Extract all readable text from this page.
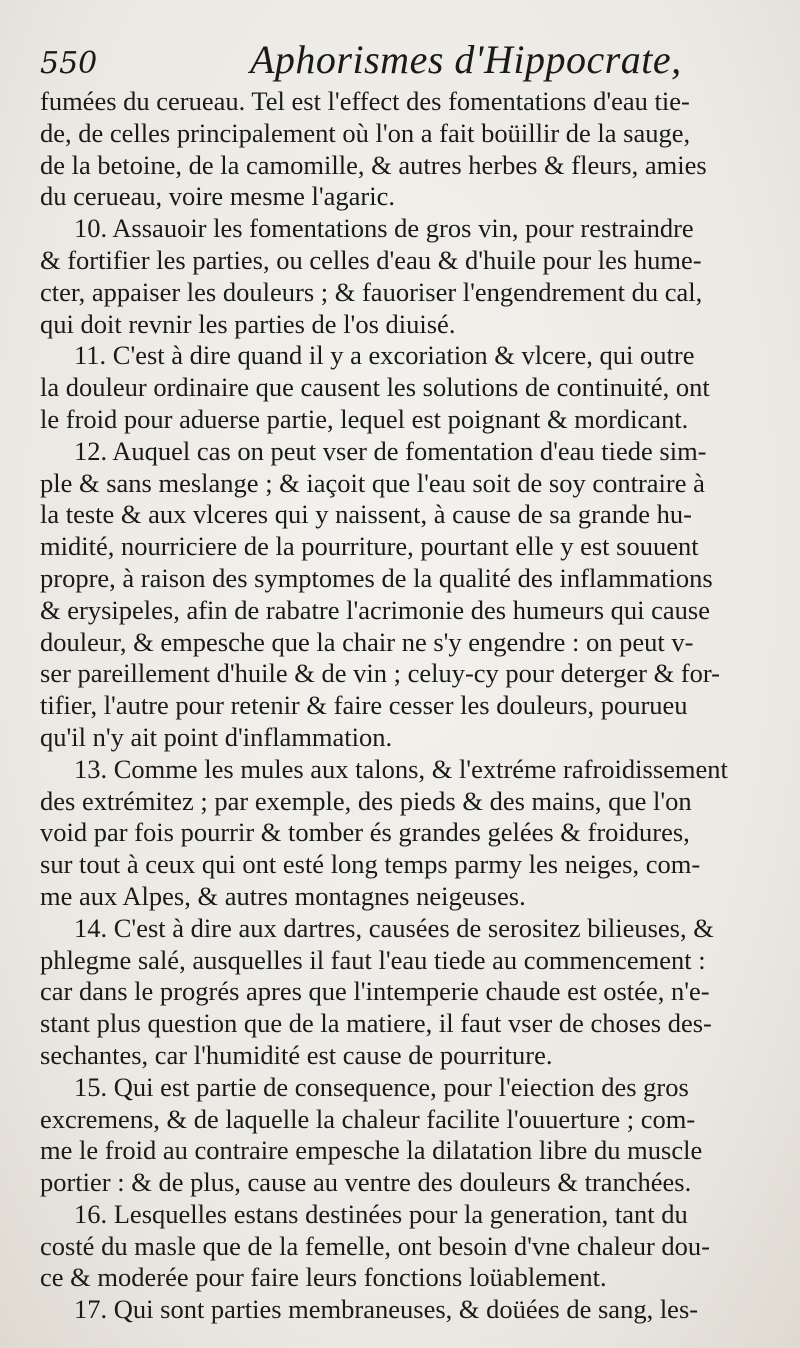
550	Aphorismes d'Hippocrate,
fumées du cerueau. Tel est l'effect des fomentations d'eau tie-
de, de celles principalement où l'on a fait boüillir de la sauge,
de la betoine, de la camomille, & autres herbes & fleurs, amies
du cerueau, voire mesme l'agaric.
10. Assauoir les fomentations de gros vin, pour restraindre
& fortifier les parties, ou celles d'eau & d'huile pour les hume-
cter, appaiser les douleurs ; & fauoriser l'engendrement du cal,
qui doit revnir les parties de l'os diuisé.
11. C'est à dire quand il y a excoriation & vlcere, qui outre
la douleur ordinaire que causent les solutions de continuité, ont
le froid pour aduerse partie, lequel est poignant & mordicant.
12. Auquel cas on peut vser de fomentation d'eau tiede sim-
ple & sans meslange ; & iaçoit que l'eau soit de soy contraire à
la teste & aux vlceres qui y naissent, à cause de sa grande hu-
midité, nourriciere de la pourriture, pourtant elle y est souuent
propre, à raison des symptomes de la qualité des inflammations
& erysipeles, afin de rabatre l'acrimonie des humeurs qui cause
douleur, & empesche que la chair ne s'y engendre : on peut v-
ser pareillement d'huile & de vin ; celuy-cy pour deterger & for-
tifier, l'autre pour retenir & faire cesser les douleurs, pourueu
qu'il n'y ait point d'inflammation.
13. Comme les mules aux talons, & l'extréme rafroidissement
des extrémitez ; par exemple, des pieds & des mains, que l'on
void par fois pourrir & tomber és grandes gelées & froidures,
sur tout à ceux qui ont esté long temps parmy les neiges, com-
me aux Alpes, & autres montagnes neigeuses.
14. C'est à dire aux dartres, causées de serositez bilieuses, &
phlegme salé, ausquelles il faut l'eau tiede au commencement :
car dans le progrés apres que l'intemperie chaude est ostée, n'e-
stant plus question que de la matiere, il faut vser de choses des-
sechantes, car l'humidité est cause de pourriture.
15. Qui est partie de consequence, pour l'eiection des gros
excremens, & de laquelle la chaleur facilite l'ouuerture ; com-
me le froid au contraire empesche la dilatation libre du muscle
portier : & de plus, cause au ventre des douleurs & tranchées.
16. Lesquelles estans destinées pour la generation, tant du
costé du masle que de la femelle, ont besoin d'vne chaleur dou-
ce & moderée pour faire leurs fonctions loüablement.
17. Qui sont parties membraneuses, & doüées de sang, les-
